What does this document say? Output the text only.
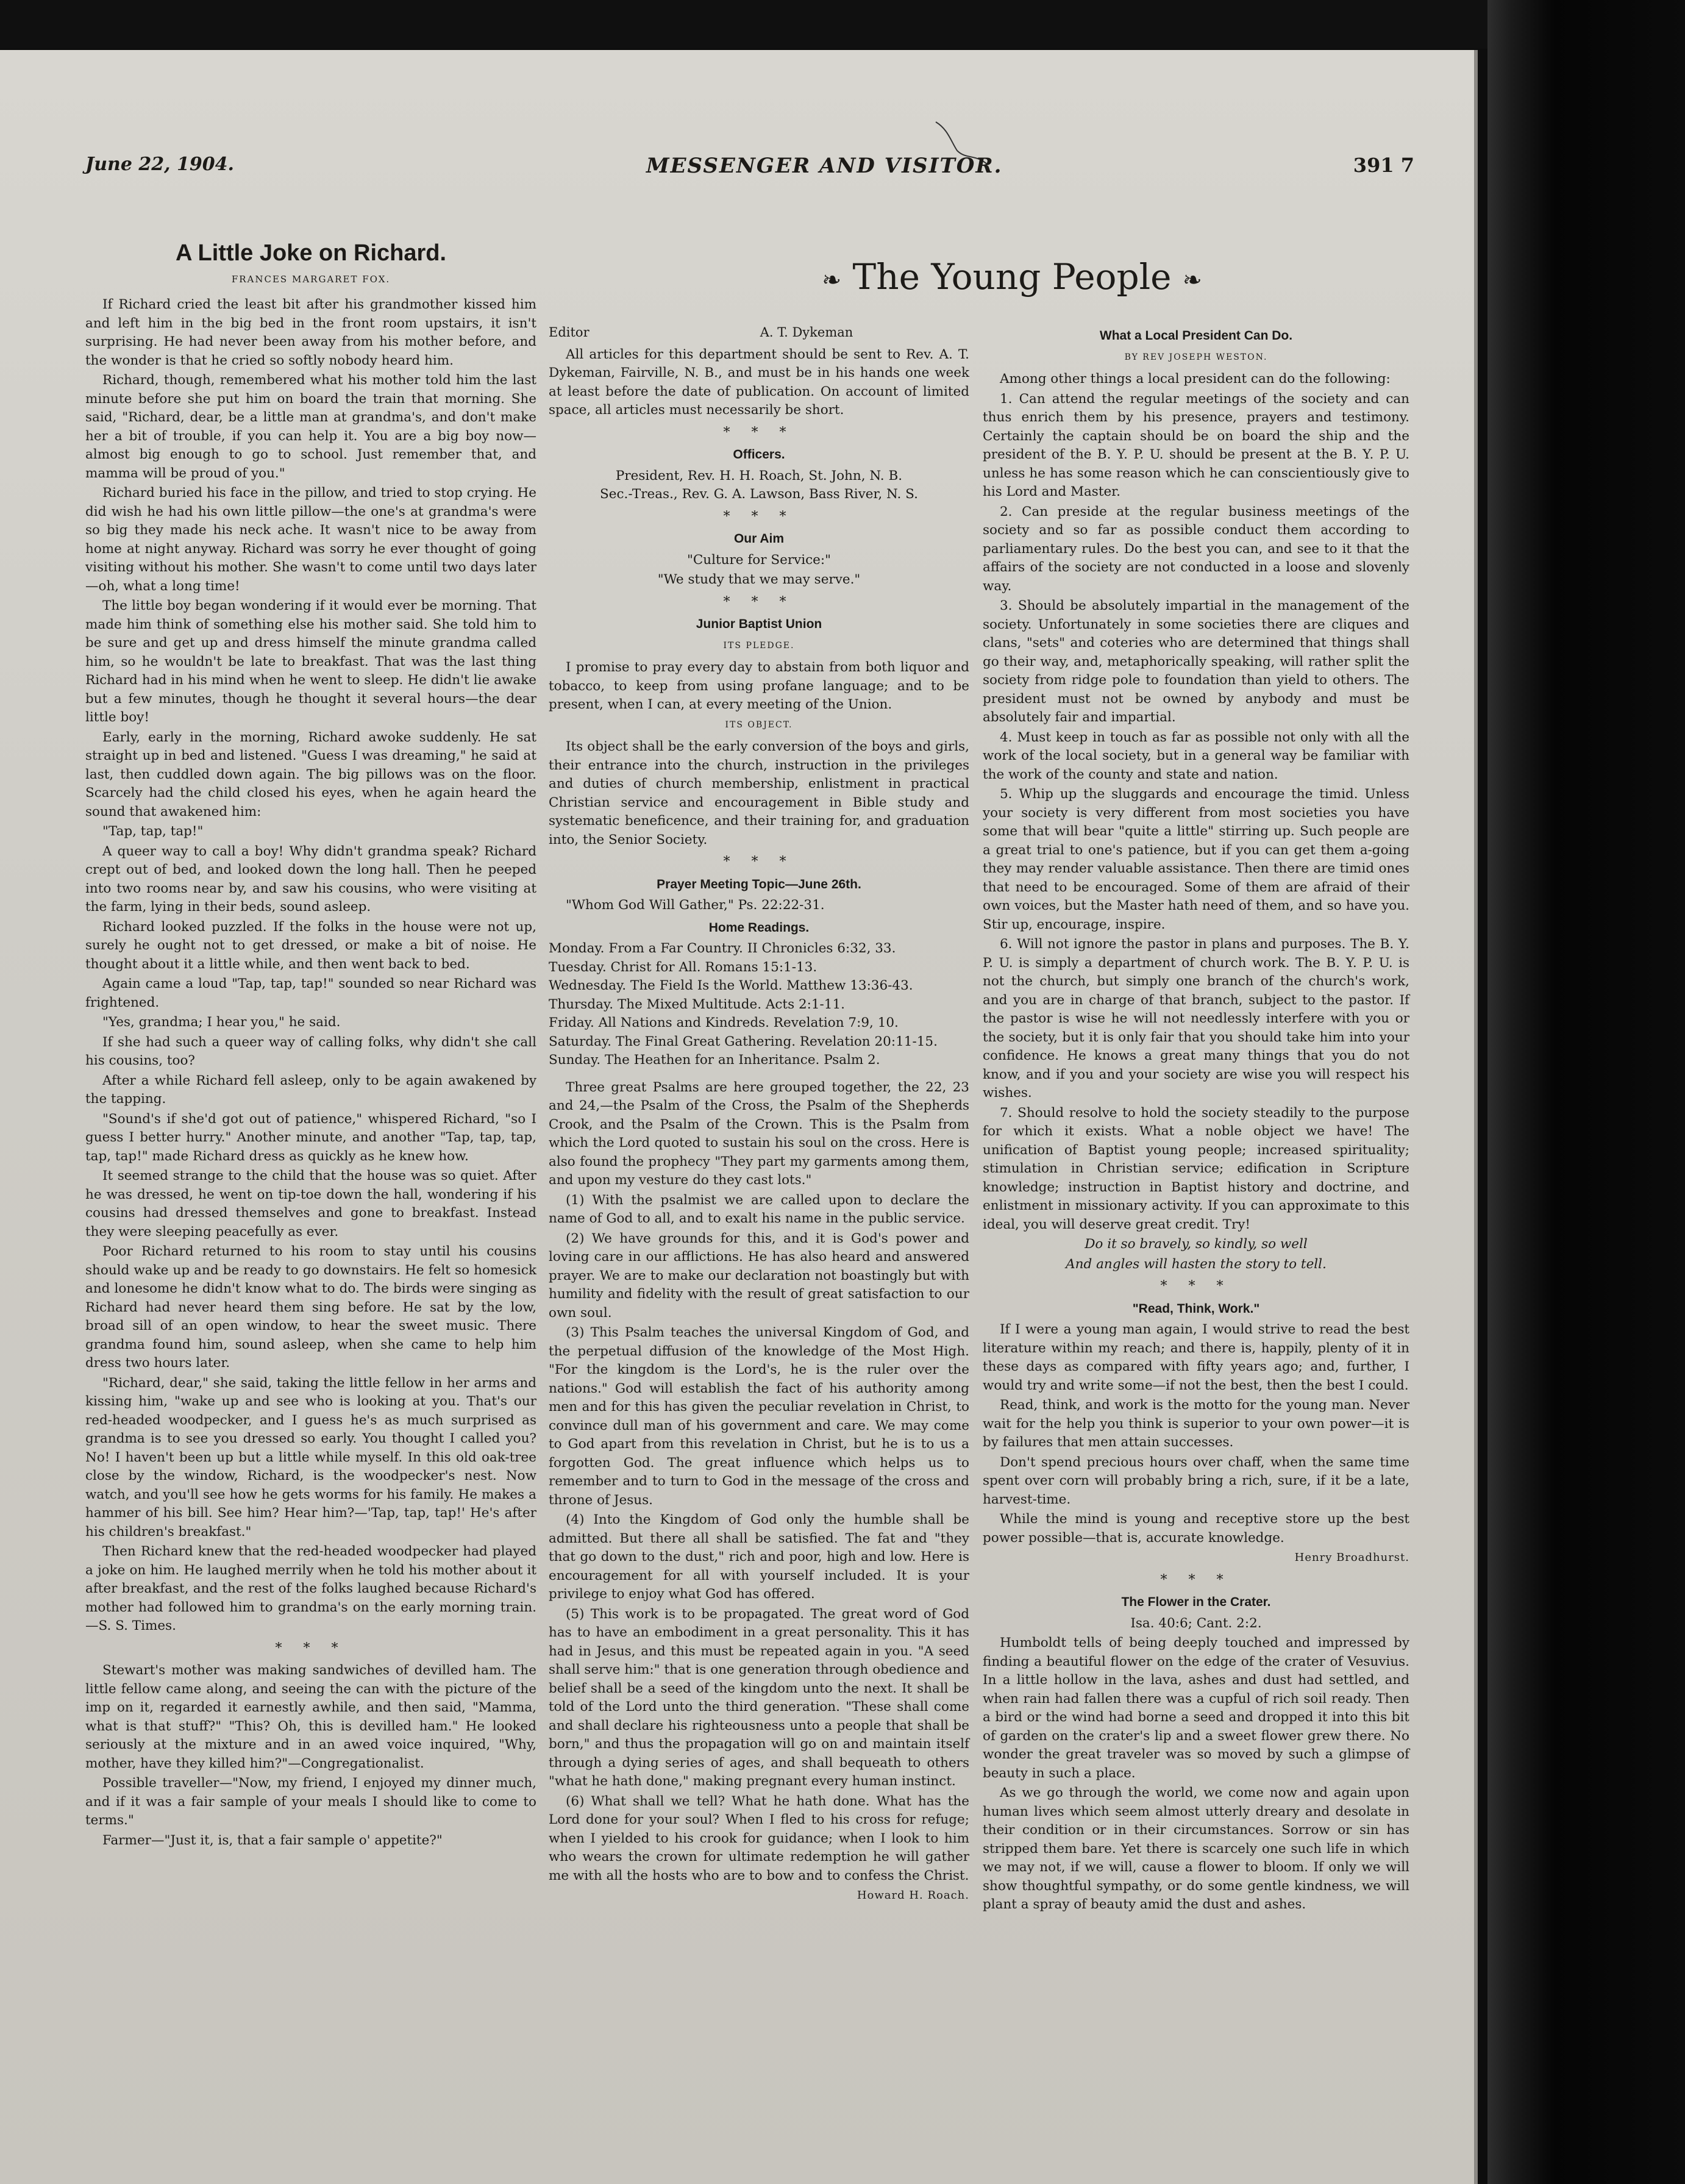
June 22, 1904.	MESSENGER AND VISITOR.	391 7
❧ The Young People ❧
A Little Joke on Richard.
FRANCES MARGARET FOX.

If Richard cried the least bit after his grandmother kissed him and left him in the big bed in the front room upstairs, it isn't surprising. He had never been away from his mother before, and the wonder is that he cried so softly nobody heard him.

Richard, though, remembered what his mother told him the last minute before she put him on board the train that morning. She said, "Richard, dear, be a little man at grandma's, and don't make her a bit of trouble, if you can help it. You are a big boy now—almost big enough to go to school. Just remember that, and mamma will be proud of you."

Richard buried his face in the pillow, and tried to stop crying. He did wish he had his own little pillow—the one's at grandma's were so big they made his neck ache. It wasn't nice to be away from home at night anyway. Richard was sorry he ever thought of going visiting without his mother. She wasn't to come until two days later—oh, what a long time!

The little boy began wondering if it would ever be morning. That made him think of something else his mother said. She told him to be sure and get up and dress himself the minute grandma called him, so he wouldn't be late to breakfast. That was the last thing Richard had in his mind when he went to sleep. He didn't lie awake but a few minutes, though he thought it several hours—the dear little boy!

Early, early in the morning, Richard awoke suddenly. He sat straight up in bed and listened. "Guess I was dreaming," he said at last, then cuddled down again. The big pillows was on the floor. Scarcely had the child closed his eyes, when he again heard the sound that awakened him:

"Tap, tap, tap!"

A queer way to call a boy! Why didn't grandma speak? Richard crept out of bed, and looked down the long hall. Then he peeped into two rooms near by, and saw his cousins, who were visiting at the farm, lying in their beds, sound asleep.

Richard looked puzzled. If the folks in the house were not up, surely he ought not to get dressed, or make a bit of noise. He thought about it a little while, and then went back to bed.

Again came a loud "Tap, tap, tap!" sounded so near Richard was frightened.

"Yes, grandma; I hear you," he said.

If she had such a queer way of calling folks, why didn't she call his cousins, too?

After a while Richard fell asleep, only to be again awakened by the tapping.

"Sound's if she'd got out of patience," whispered Richard, "so I guess I better hurry." Another minute, and another "Tap, tap, tap, tap, tap!" made Richard dress as quickly as he knew how.

It seemed strange to the child that the house was so quiet. After he was dressed, he went on tip-toe down the hall, wondering if his cousins had dressed themselves and gone to breakfast. Instead they were sleeping peacefully as ever.

Poor Richard returned to his room to stay until his cousins should wake up and be ready to go downstairs. He felt so homesick and lonesome he didn't know what to do. The birds were singing as Richard had never heard them sing before. He sat by the low, broad sill of an open window, to hear the sweet music. There grandma found him, sound asleep, when she came to help him dress two hours later.

"Richard, dear," she said, taking the little fellow in her arms and kissing him, "wake up and see who is looking at you. That's our red-headed woodpecker, and I guess he's as much surprised as grandma is to see you dressed so early. You thought I called you? No! I haven't been up but a little while myself. In this old oak-tree close by the window, Richard, is the woodpecker's nest. Now watch, and you'll see how he gets worms for his family. He makes a hammer of his bill. See him? Hear him?—'Tap, tap, tap!' He's after his children's breakfast."

Then Richard knew that the red-headed woodpecker had played a joke on him. He laughed merrily when he told his mother about it after breakfast, and the rest of the folks laughed because Richard's mother had followed him to grandma's on the early morning train.—S. S. Times.

* * *

Stewart's mother was making sandwiches of devilled ham. The little fellow came along, and seeing the can with the picture of the imp on it, regarded it earnestly awhile, and then said, "Mamma, what is that stuff?" "This? Oh, this is devilled ham." He looked seriously at the mixture and in an awed voice inquired, "Why, mother, have they killed him?"—Congregationalist.

Possible traveller—"Now, my friend, I enjoyed my dinner much, and if it was a fair sample of your meals I should like to come to terms."

Farmer—"Just it, is, that a fair sample o' appetite?"

Editor	A. T. Dykeman

All articles for this department should be sent to Rev. A. T. Dykeman, Fairville, N. B., and must be in his hands one week at least before the date of publication. On account of limited space, all articles must necessarily be short.

* * *
Officers.

President, Rev. H. H. Roach, St. John, N. B.

Sec.-Treas., Rev. G. A. Lawson, Bass River, N. S.

* * *
Our Aim

"Culture for Service:"

"We study that we may serve."

* * *
Junior Baptist Union
ITS PLEDGE.

I promise to pray every day to abstain from both liquor and tobacco, to keep from using profane language; and to be present, when I can, at every meeting of the Union.

ITS OBJECT.

Its object shall be the early conversion of the boys and girls, their entrance into the church, instruction in the privileges and duties of church membership, enlistment in practical Christian service and encouragement in Bible study and systematic beneficence, and their training for, and graduation into, the Senior Society.

* * *
Prayer Meeting Topic—June 26th.

"Whom God Will Gather," Ps. 22:22-31.

Home Readings.

Monday. From a Far Country. II Chronicles 6:32, 33.

Tuesday. Christ for All. Romans 15:1-13.

Wednesday. The Field Is the World. Matthew 13:36-43.

Thursday. The Mixed Multitude. Acts 2:1-11.

Friday. All Nations and Kindreds. Revelation 7:9, 10.

Saturday. The Final Great Gathering. Revelation 20:11-15.

Sunday. The Heathen for an Inheritance. Psalm 2.

Three great Psalms are here grouped together, the 22, 23 and 24,—the Psalm of the Cross, the Psalm of the Shepherds Crook, and the Psalm of the Crown. This is the Psalm from which the Lord quoted to sustain his soul on the cross. Here is also found the prophecy "They part my garments among them, and upon my vesture do they cast lots."

(1) With the psalmist we are called upon to declare the name of God to all, and to exalt his name in the public service.

(2) We have grounds for this, and it is God's power and loving care in our afflictions. He has also heard and answered prayer. We are to make our declaration not boastingly but with humility and fidelity with the result of great satisfaction to our own soul.

(3) This Psalm teaches the universal Kingdom of God, and the perpetual diffusion of the knowledge of the Most High. "For the kingdom is the Lord's, he is the ruler over the nations." God will establish the fact of his authority among men and for this has given the peculiar revelation in Christ, to convince dull man of his government and care. We may come to God apart from this revelation in Christ, but he is to us a forgotten God. The great influence which helps us to remember and to turn to God in the message of the cross and throne of Jesus.

(4) Into the Kingdom of God only the humble shall be admitted. But there all shall be satisfied. The fat and "they that go down to the dust," rich and poor, high and low. Here is encouragement for all with yourself included. It is your privilege to enjoy what God has offered.

(5) This work is to be propagated. The great word of God has to have an embodiment in a great personality. This it has had in Jesus, and this must be repeated again in you. "A seed shall serve him:" that is one generation through obedience and belief shall be a seed of the kingdom unto the next. It shall be told of the Lord unto the third generation. "These shall come and shall declare his righteousness unto a people that shall be born," and thus the propagation will go on and maintain itself through a dying series of ages, and shall bequeath to others "what he hath done," making pregnant every human instinct.

(6) What shall we tell? What he hath done. What has the Lord done for your soul? When I fled to his cross for refuge; when I yielded to his crook for guidance; when I look to him who wears the crown for ultimate redemption he will gather me with all the hosts who are to bow and to confess the Christ.

Howard H. Roach.

What a Local President Can Do.
BY REV JOSEPH WESTON.

Among other things a local president can do the following:

1. Can attend the regular meetings of the society and can thus enrich them by his presence, prayers and testimony. Certainly the captain should be on board the ship and the president of the B. Y. P. U. should be present at the B. Y. P. U. unless he has some reason which he can conscientiously give to his Lord and Master.

2. Can preside at the regular business meetings of the society and so far as possible conduct them according to parliamentary rules. Do the best you can, and see to it that the affairs of the society are not conducted in a loose and slovenly way.

3. Should be absolutely impartial in the management of the society. Unfortunately in some societies there are cliques and clans, "sets" and coteries who are determined that things shall go their way, and, metaphorically speaking, will rather split the society from ridge pole to foundation than yield to others. The president must not be owned by anybody and must be absolutely fair and impartial.

4. Must keep in touch as far as possible not only with all the work of the local society, but in a general way be familiar with the work of the county and state and nation.

5. Whip up the sluggards and encourage the timid. Unless your society is very different from most societies you have some that will bear "quite a little" stirring up. Such people are a great trial to one's patience, but if you can get them a-going they may render valuable assistance. Then there are timid ones that need to be encouraged. Some of them are afraid of their own voices, but the Master hath need of them, and so have you. Stir up, encourage, inspire.

6. Will not ignore the pastor in plans and purposes. The B. Y. P. U. is simply a department of church work. The B. Y. P. U. is not the church, but simply one branch of the church's work, and you are in charge of that branch, subject to the pastor. If the pastor is wise he will not needlessly interfere with you or the society, but it is only fair that you should take him into your confidence. He knows a great many things that you do not know, and if you and your society are wise you will respect his wishes.

7. Should resolve to hold the society steadily to the purpose for which it exists. What a noble object we have! The unification of Baptist young people; increased spirituality; stimulation in Christian service; edification in Scripture knowledge; instruction in Baptist history and doctrine, and enlistment in missionary activity. If you can approximate to this ideal, you will deserve great credit. Try!

Do it so bravely, so kindly, so well

And angles will hasten the story to tell.

* * *
"Read, Think, Work."

If I were a young man again, I would strive to read the best literature within my reach; and there is, happily, plenty of it in these days as compared with fifty years ago; and, further, I would try and write some—if not the best, then the best I could.

Read, think, and work is the motto for the young man. Never wait for the help you think is superior to your own power—it is by failures that men attain successes.

Don't spend precious hours over chaff, when the same time spent over corn will probably bring a rich, sure, if it be a late, harvest-time.

While the mind is young and receptive store up the best power possible—that is, accurate knowledge.

Henry Broadhurst.

* * *
The Flower in the Crater.

Isa. 40:6; Cant. 2:2.

Humboldt tells of being deeply touched and impressed by finding a beautiful flower on the edge of the crater of Vesuvius. In a little hollow in the lava, ashes and dust had settled, and when rain had fallen there was a cupful of rich soil ready. Then a bird or the wind had borne a seed and dropped it into this bit of garden on the crater's lip and a sweet flower grew there. No wonder the great traveler was so moved by such a glimpse of beauty in such a place.

As we go through the world, we come now and again upon human lives which seem almost utterly dreary and desolate in their condition or in their circumstances. Sorrow or sin has stripped them bare. Yet there is scarcely one such life in which we may not, if we will, cause a flower to bloom. If only we will show thoughtful sympathy, or do some gentle kindness, we will plant a spray of beauty amid the dust and ashes.
